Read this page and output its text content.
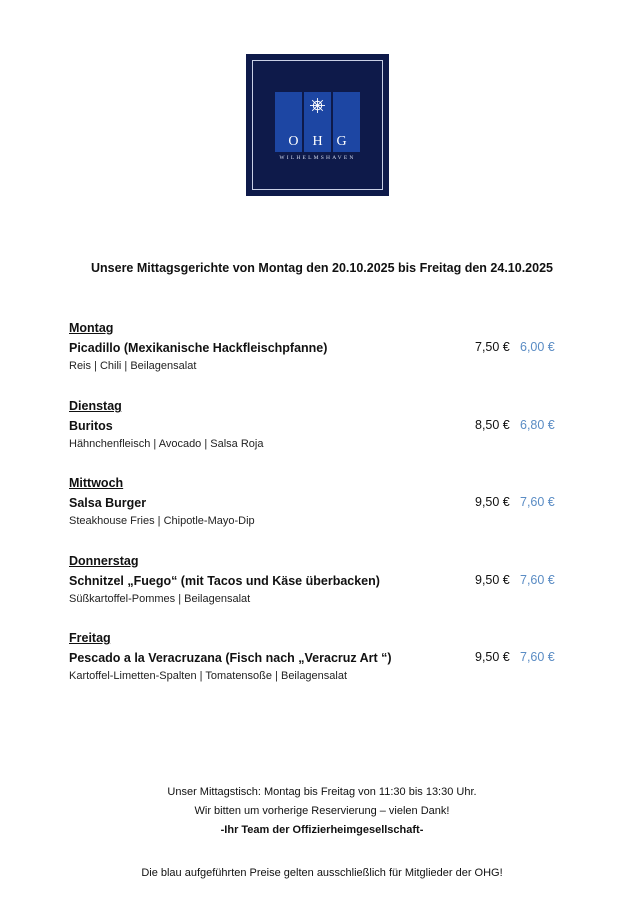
OHG
WILHELMSHAVEN
Unsere Mittagsgerichte von Montag den 20.10.2025 bis Freitag den 24.10.2025
Montag
Picadillo (Mexikanische Hackfleischpfanne)	7,50 € 6,00 €
Reis | Chili | Beilagensalat
Dienstag
Buritos	8,50 € 6,80 €
Hähnchenfleisch | Avocado | Salsa Roja
Mittwoch
Salsa Burger	9,50 € 7,60 €
Steakhouse Fries | Chipotle-Mayo-Dip
Donnerstag
Schnitzel „Fuego“ (mit Tacos und Käse überbacken)	9,50 € 7,60 €
Süßkartoffel-Pommes | Beilagensalat
Freitag
Pescado a la Veracruzana (Fisch nach „Veracruz Art “)	9,50 € 7,60 €
Kartoffel-Limetten-Spalten | Tomatensoße | Beilagensalat
Unser Mittagstisch: Montag bis Freitag von 11:30 bis 13:30 Uhr.
Wir bitten um vorherige Reservierung – vielen Dank!
-Ihr Team der Offizierheimgesellschaft-
Die blau aufgeführten Preise gelten ausschließlich für Mitglieder der OHG!
